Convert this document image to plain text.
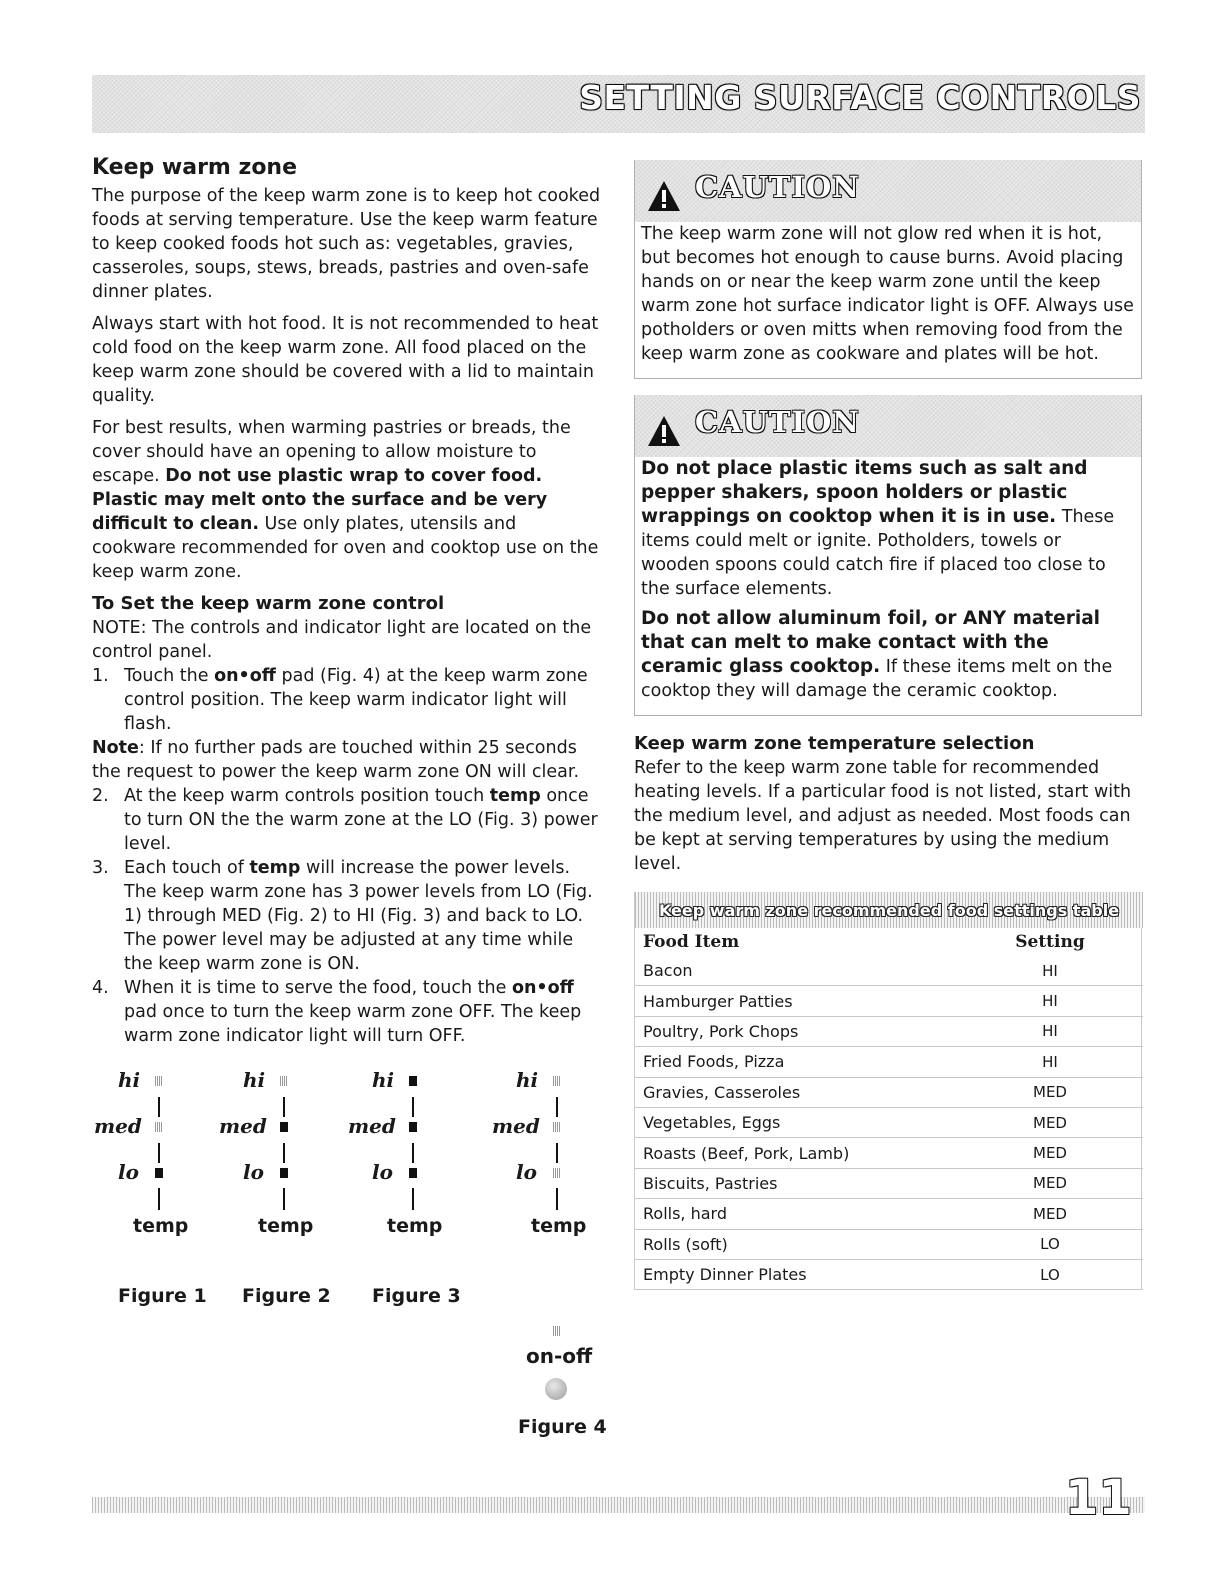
SETTING SURFACE CONTROLS
Keep warm zone

The purpose of the keep warm zone is to keep hot cooked foods at serving temperature. Use the keep warm feature to keep cooked foods hot such as: vegetables, gravies, casseroles, soups, stews, breads, pastries and oven-safe dinner plates.

Always start with hot food. It is not recommended to heat cold food on the keep warm zone. All food placed on the keep warm zone should be covered with a lid to maintain quality.

For best results, when warming pastries or breads, the cover should have an opening to allow moisture to escape. Do not use plastic wrap to cover food. Plastic may melt onto the surface and be very difficult to clean. Use only plates, utensils and cookware recommended for oven and cooktop use on the keep warm zone.

To Set the keep warm zone control
NOTE: The controls and indicator light are located on the control panel.
1. Touch the on•off pad (Fig. 4) at the keep warm zone control position. The keep warm indicator light will flash.
Note: If no further pads are touched within 25 seconds the request to power the keep warm zone ON will clear.
2. At the keep warm controls position touch temp once to turn ON the the warm zone at the LO (Fig. 3) power level.
3. Each touch of temp will increase the power levels. The keep warm zone has 3 power levels from LO (Fig. 1) through MED (Fig. 2) to HI (Fig. 3) and back to LO. The power level may be adjusted at any time while the keep warm zone is ON.
4. When it is time to serve the food, touch the on•off pad once to turn the keep warm zone OFF. The keep warm zone indicator light will turn OFF.
hi
med
lo
temp
hi
med
lo
temp
hi
med
lo
temp
hi
med
lo
temp
Figure 1 Figure 2 Figure 3
on-off
Figure 4
CAUTION

The keep warm zone will not glow red when it is hot, but becomes hot enough to cause burns. Avoid placing hands on or near the keep warm zone until the keep warm zone hot surface indicator light is OFF. Always use potholders or oven mitts when removing food from the keep warm zone as cookware and plates will be hot.

CAUTION

Do not place plastic items such as salt and pepper shakers, spoon holders or plastic wrappings on cooktop when it is in use. These items could melt or ignite. Potholders, towels or wooden spoons could catch fire if placed too close to the surface elements.

Do not allow aluminum foil, or ANY material that can melt to make contact with the ceramic glass cooktop. If these items melt on the cooktop they will damage the ceramic cooktop.

Keep warm zone temperature selection

Refer to the keep warm zone table for recommended heating levels. If a particular food is not listed, start with the medium level, and adjust as needed. Most foods can be kept at serving temperatures by using the medium level.

Keep warm zone recommended food settings table	

Food Item	Setting
Bacon	HI
Hamburger Patties	HI
Poultry, Pork Chops	HI
Fried Foods, Pizza	HI
Gravies, Casseroles	MED
Vegetables, Eggs	MED
Roasts (Beef, Pork, Lamb)	MED
Biscuits, Pastries	MED
Rolls, hard	MED
Rolls (soft)	LO
Empty Dinner Plates	LO
11
